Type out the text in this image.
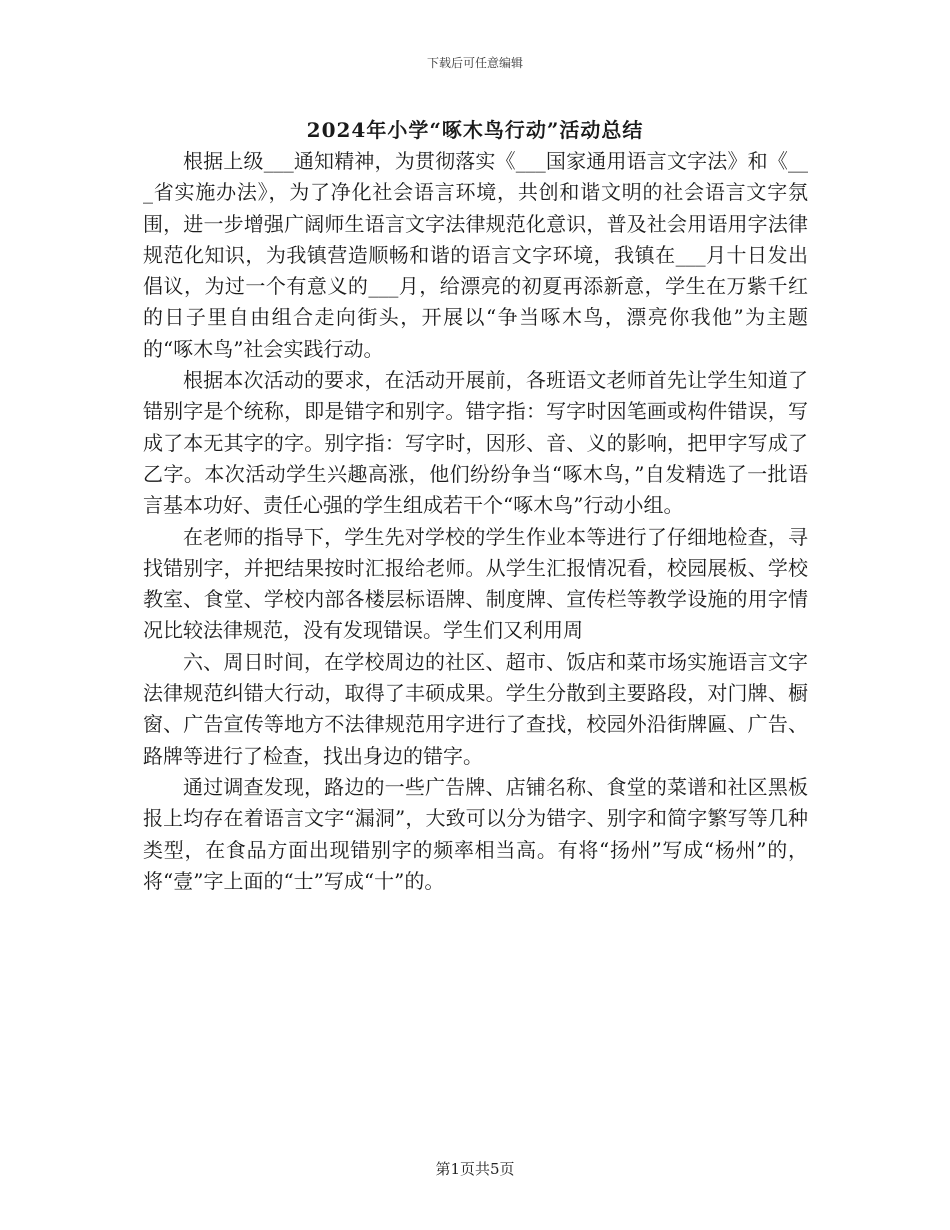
下载后可任意编辑
2024年小学“啄木鸟行动”活动总结

根据上级___通知精神，为贯彻落实《___国家通用语言文字法》和《___省实施办法》，为了净化社会语言环境，共创和谐文明的社会语言文字氛围，进一步增强广阔师生语言文字法律规范化意识，普及社会用语用字法律规范化知识，为我镇营造顺畅和谐的语言文字环境，我镇在___月十日发出倡议，为过一个有意义的___月，给漂亮的初夏再添新意，学生在万紫千红的日子里自由组合走向街头，开展以“争当啄木鸟，漂亮你我他”为主题的“啄木鸟”社会实践行动。

根据本次活动的要求，在活动开展前，各班语文老师首先让学生知道了错别字是个统称，即是错字和别字。错字指：写字时因笔画或构件错误，写成了本无其字的字。别字指：写字时，因形、音、义的影响，把甲字写成了乙字。本次活动学生兴趣高涨，他们纷纷争当“啄木鸟，”自发精选了一批语言基本功好、责任心强的学生组成若干个“啄木鸟”行动小组。

在老师的指导下，学生先对学校的学生作业本等进行了仔细地检查，寻找错别字，并把结果按时汇报给老师。从学生汇报情况看，校园展板、学校教室、食堂、学校内部各楼层标语牌、制度牌、宣传栏等教学设施的用字情况比较法律规范，没有发现错误。学生们又利用周

六、周日时间，在学校周边的社区、超市、饭店和菜市场实施语言文字法律规范纠错大行动，取得了丰硕成果。学生分散到主要路段，对门牌、橱窗、广告宣传等地方不法律规范用字进行了查找，校园外沿街牌匾、广告、路牌等进行了检查，找出身边的错字。

通过调查发现，路边的一些广告牌、店铺名称、食堂的菜谱和社区黑板报上均存在着语言文字“漏洞”，大致可以分为错字、别字和简字繁写等几种类型，在食品方面出现错别字的频率相当高。有将“扬州”写成“杨州”的，将“壹”字上面的“士”写成“十”的。

第1页共5页
